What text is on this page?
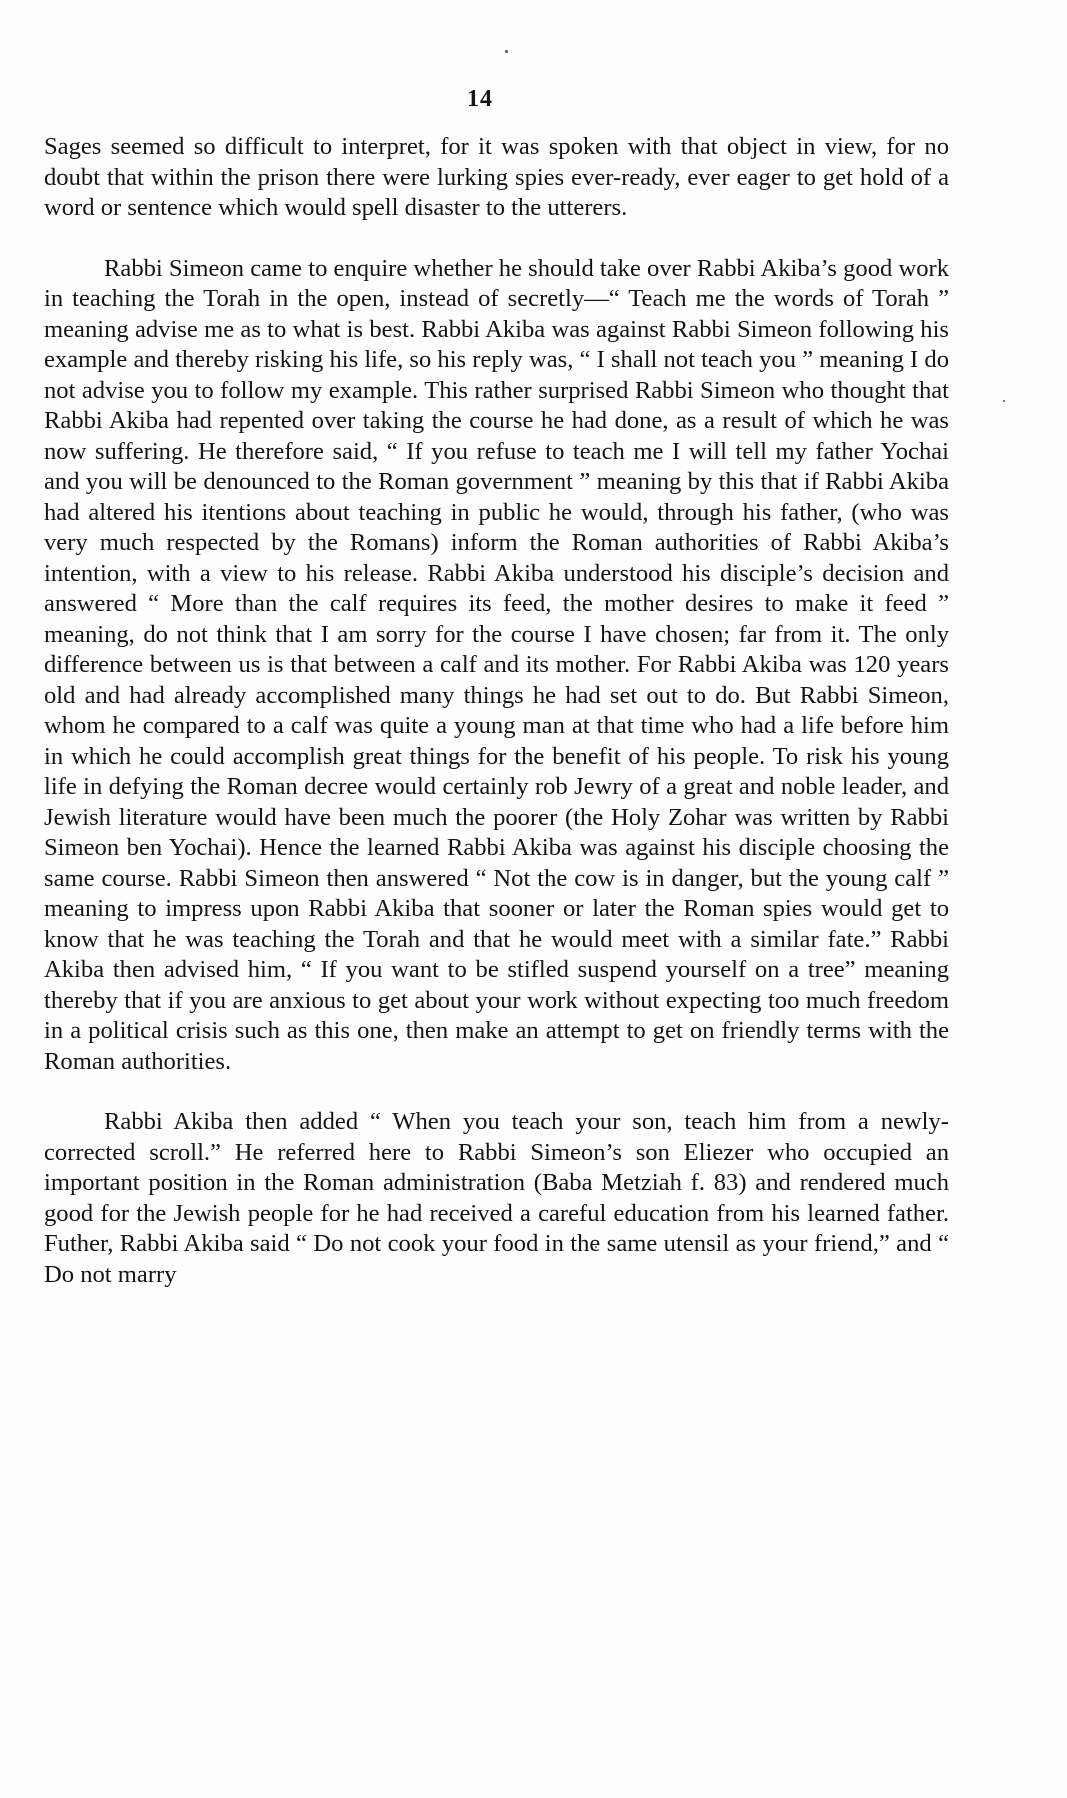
14

Sages seemed so difficult to interpret, for it was spoken with that object in view, for no doubt that within the prison there were lurking spies ever-ready, ever eager to get hold of a word or sentence which would spell disaster to the utterers.

Rabbi Simeon came to enquire whether he should take over Rabbi Akiba’s good work in teaching the Torah in the open, instead of secretly—“ Teach me the words of Torah ” meaning advise me as to what is best. Rabbi Akiba was against Rabbi Simeon following his example and thereby risking his life, so his reply was, “ I shall not teach you ” meaning I do not advise you to follow my example. This rather surprised Rabbi Simeon who thought that Rabbi Akiba had repented over taking the course he had done, as a result of which he was now suffering. He therefore said, “ If you refuse to teach me I will tell my father Yochai and you will be denounced to the Roman government ” meaning by this that if Rabbi Akiba had altered his itentions about teaching in public he would, through his father, (who was very much respected by the Romans) inform the Roman authorities of Rabbi Akiba’s intention, with a view to his release. Rabbi Akiba understood his disciple’s decision and answered “ More than the calf requires its feed, the mother desires to make it feed ” meaning, do not think that I am sorry for the course I have chosen; far from it. The only difference between us is that between a calf and its mother. For Rabbi Akiba was 120 years old and had already accomplished many things he had set out to do. But Rabbi Simeon, whom he compared to a calf was quite a young man at that time who had a life before him in which he could accomplish great things for the benefit of his people. To risk his young life in defying the Roman decree would certainly rob Jewry of a great and noble leader, and Jewish literature would have been much the poorer (the Holy Zohar was written by Rabbi Simeon ben Yochai). Hence the learned Rabbi Akiba was against his disciple choosing the same course. Rabbi Simeon then answered “ Not the cow is in danger, but the young calf ” meaning to impress upon Rabbi Akiba that sooner or later the Roman spies would get to know that he was teaching the Torah and that he would meet with a similar fate.” Rabbi Akiba then advised him, “ If you want to be stifled suspend yourself on a tree” meaning thereby that if you are anxious to get about your work without expecting too much freedom in a political crisis such as this one, then make an attempt to get on friendly terms with the Roman authorities.

Rabbi Akiba then added “ When you teach your son, teach him from a newly-corrected scroll.” He referred here to Rabbi Simeon’s son Eliezer who occupied an important position in the Roman administration (Baba Metziah f. 83) and rendered much good for the Jewish people for he had received a careful education from his learned father. Futher, Rabbi Akiba said “ Do not cook your food in the same utensil as your friend,” and “ Do not marry
